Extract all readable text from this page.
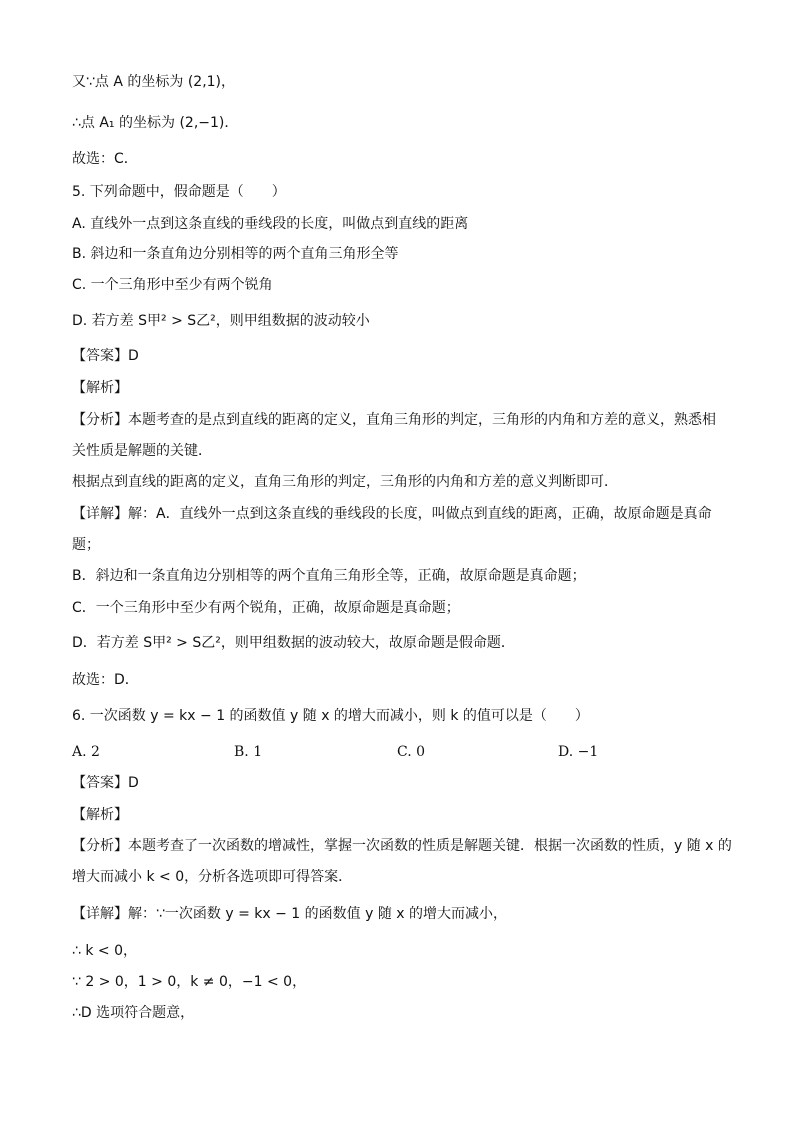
又∵点 A 的坐标为 (2,1)，
∴点 A₁ 的坐标为 (2,−1)．
故选：C．
5. 下列命题中，假命题是（　　）
A. 直线外一点到这条直线的垂线段的长度，叫做点到直线的距离
B. 斜边和一条直角边分别相等的两个直角三角形全等
C. 一个三角形中至少有两个锐角
D. 若方差 S甲² > S乙²，则甲组数据的波动较小
【答案】D
【解析】
【分析】本题考查的是点到直线的距离的定义，直角三角形的判定，三角形的内角和方差的意义，熟悉相
关性质是解题的关键．
根据点到直线的距离的定义，直角三角形的判定，三角形的内角和方差的意义判断即可．
【详解】解：A．直线外一点到这条直线的垂线段的长度，叫做点到直线的距离，正确，故原命题是真命
题；
B．斜边和一条直角边分别相等的两个直角三角形全等，正确，故原命题是真命题；
C．一个三角形中至少有两个锐角，正确，故原命题是真命题；
D．若方差 S甲² > S乙²，则甲组数据的波动较大，故原命题是假命题．
故选：D．
6. 一次函数 y = kx − 1 的函数值 y 随 x 的增大而减小，则 k 的值可以是（　　）
A. 2	B. 1	C. 0	D. −1
【答案】D
【解析】
【分析】本题考查了一次函数的增减性，掌握一次函数的性质是解题关键．根据一次函数的性质，y 随 x 的
增大而减小 k < 0，分析各选项即可得答案．
【详解】解：∵一次函数 y = kx − 1 的函数值 y 随 x 的增大而减小，
∴ k < 0，
∵ 2 > 0，1 > 0，k ≠ 0，−1 < 0，
∴D 选项符合题意，
